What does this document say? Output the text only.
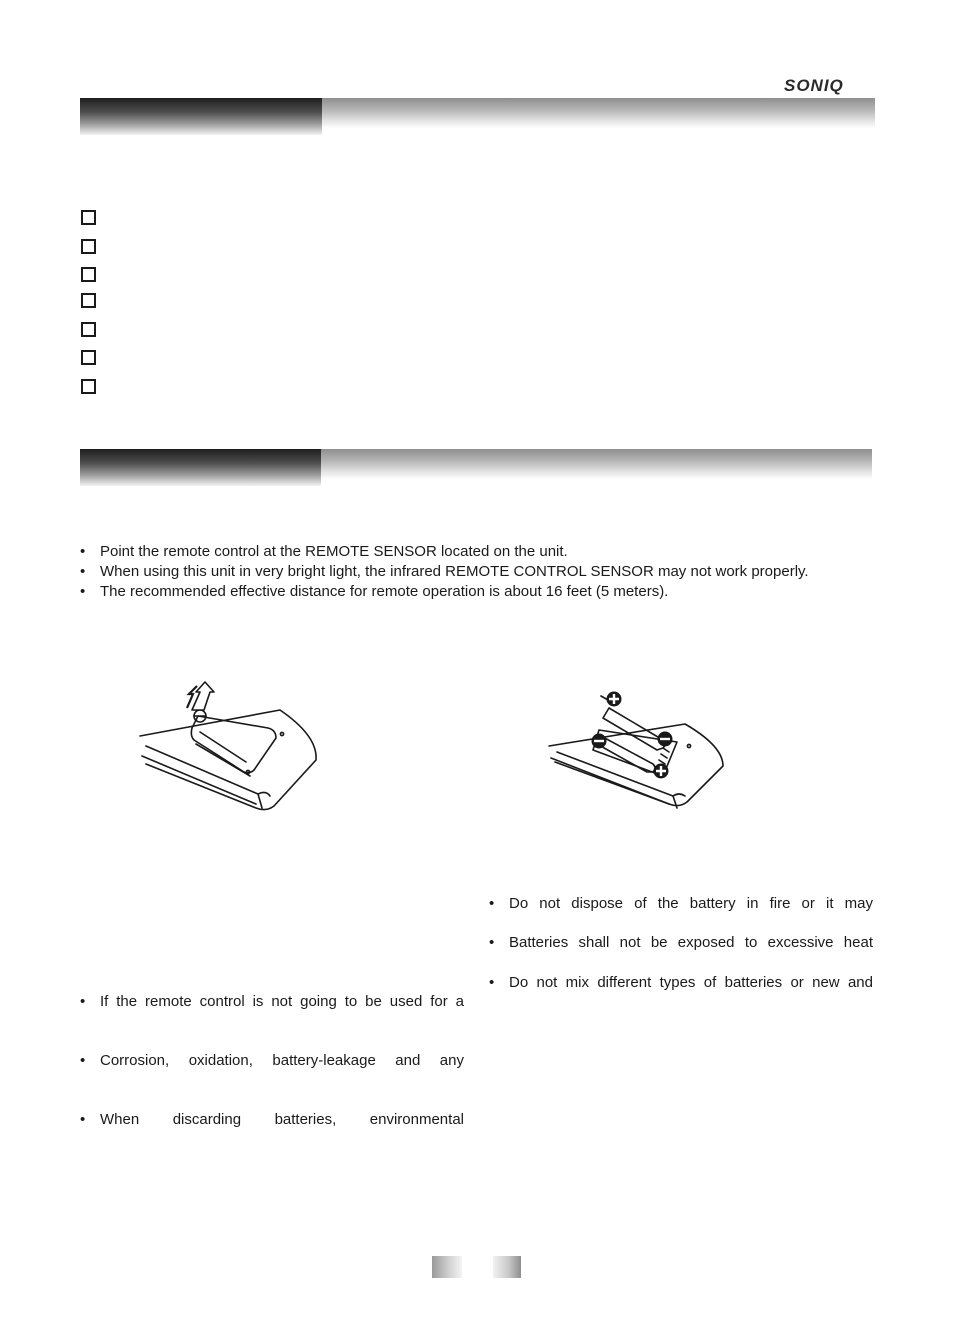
SONIQ
• Point the remote control at the REMOTE SENSOR located on the unit.
• When using this unit in very bright light, the infrared REMOTE CONTROL SENSOR may not work properly.
• The recommended effective distance for remote operation is about 16 feet (5 meters).
• Do not dispose of the battery in fire or it may
• Batteries shall not be exposed to excessive heat
• Do not mix different types of batteries or new and
• If the remote control is not going to be used for a
• Corrosion, oxidation, battery-leakage and any
• When discarding batteries, environmental
